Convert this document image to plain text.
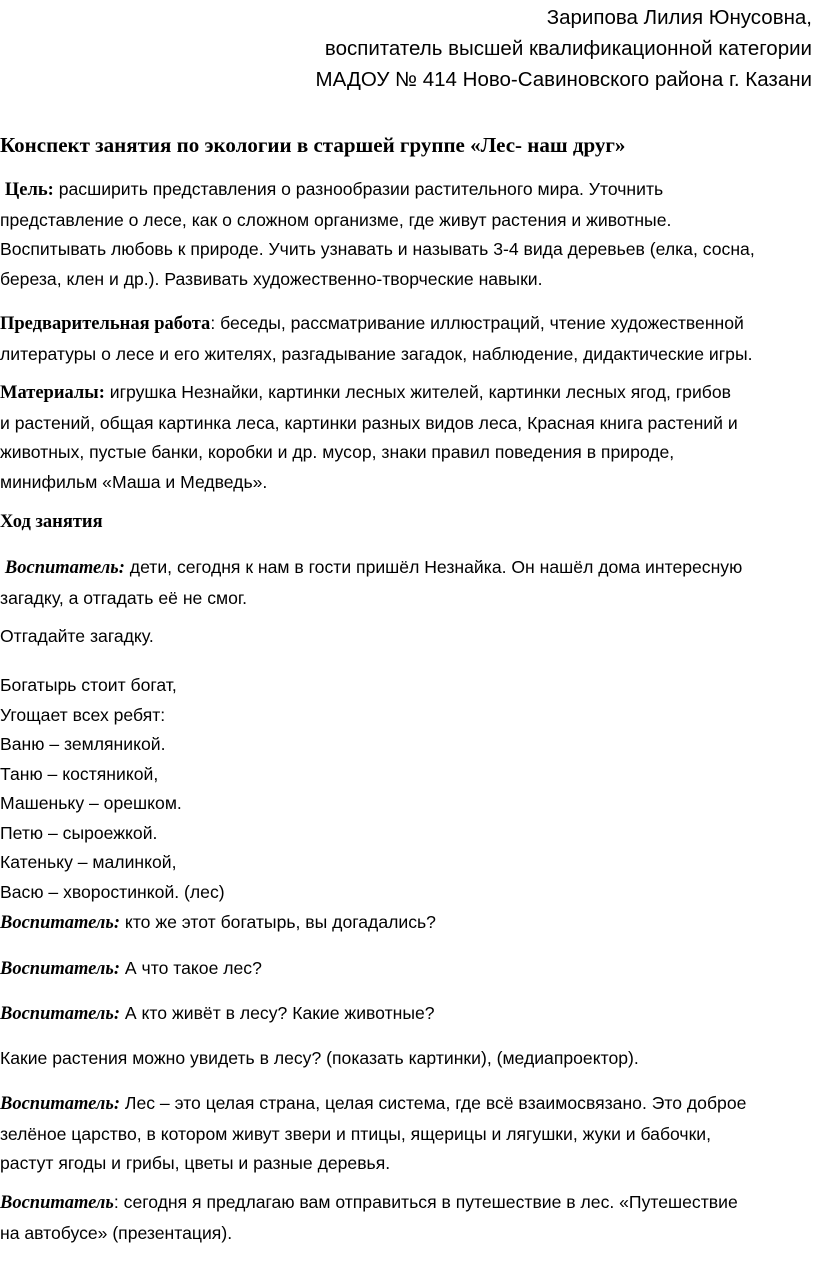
Зарипова Лилия Юнусовна,
воспитатель высшей квалификационной категории
МАДОУ № 414 Ново-Савиновского района г. Казани
Конспект занятия по экологии в старшей группе «Лес- наш друг»
Цель: расширить представления о разнообразии растительного мира. Уточнить
представление о лесе, как о сложном организме, где живут растения и животные.
Воспитывать любовь к природе. Учить узнавать и называть 3-4 вида деревьев (елка, сосна,
береза, клен и др.). Развивать художественно-творческие навыки.
Предварительная работа: беседы, рассматривание иллюстраций, чтение художественной
литературы о лесе и его жителях, разгадывание загадок, наблюдение, дидактические игры.
Материалы: игрушка Незнайки, картинки лесных жителей, картинки лесных ягод, грибов
и растений, общая картинка леса, картинки разных видов леса, Красная книга растений и
животных, пустые банки, коробки и др. мусор, знаки правил поведения в природе,
минифильм «Маша и Медведь».
Ход занятия
Воспитатель: дети, сегодня к нам в гости пришёл Незнайка. Он нашёл дома интересную
загадку, а отгадать её не смог.
Отгадайте загадку.
Богатырь стоит богат,
Угощает всех ребят:
Ваню – земляникой.
Таню – костяникой,
Машеньку – орешком.
Петю – сыроежкой.
Катеньку – малинкой,
Васю – хворостинкой. (лес)
Воспитатель: кто же этот богатырь, вы догадались?
Воспитатель: А что такое лес?
Воспитатель: А кто живёт в лесу? Какие животные?
Какие растения можно увидеть в лесу? (показать картинки), (медиапроектор).
Воспитатель: Лес – это целая страна, целая система, где всё взаимосвязано. Это доброе
зелёное царство, в котором живут звери и птицы, ящерицы и лягушки, жуки и бабочки,
растут ягоды и грибы, цветы и разные деревья.
Воспитатель: сегодня я предлагаю вам отправиться в путешествие в лес. «Путешествие
на автобусе» (презентация).
